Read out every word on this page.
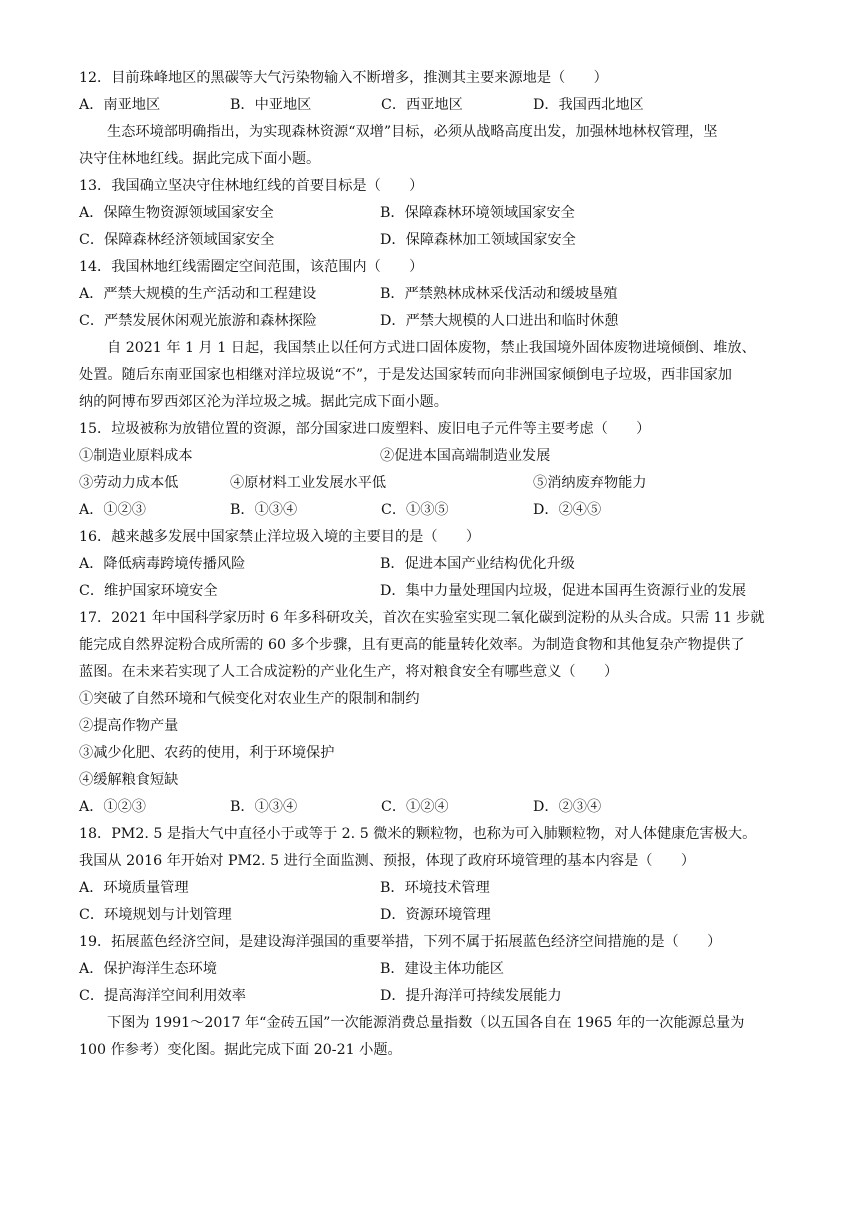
12．目前珠峰地区的黑碳等大气污染物输入不断增多，推测其主要来源地是（　　）
A．南亚地区	B．中亚地区	C．西亚地区	D．我国西北地区
生态环境部明确指出，为实现森林资源“双增”目标，必须从战略高度出发，加强林地林权管理，坚
决守住林地红线。据此完成下面小题。
13．我国确立坚决守住林地红线的首要目标是（　　）
A．保障生物资源领域国家安全	B．保障森林环境领域国家安全
C．保障森林经济领域国家安全	D．保障森林加工领域国家安全
14．我国林地红线需圈定空间范围，该范围内（　　）
A．严禁大规模的生产活动和工程建设	B．严禁熟林成林采伐活动和缓坡垦殖
C．严禁发展休闲观光旅游和森林探险	D．严禁大规模的人口进出和临时休憩
自 2021 年 1 月 1 日起，我国禁止以任何方式进口固体废物，禁止我国境外固体废物进境倾倒、堆放、
处置。随后东南亚国家也相继对洋垃圾说“不”，于是发达国家转而向非洲国家倾倒电子垃圾，西非国家加
纳的阿博布罗西郊区沦为洋垃圾之城。据此完成下面小题。
15．垃圾被称为放错位置的资源，部分国家进口废塑料、废旧电子元件等主要考虑（　　）
①制造业原料成本	②促进本国高端制造业发展
③劳动力成本低	④原材料工业发展水平低	⑤消纳废弃物能力
A．①②③	B．①③④	C．①③⑤	D．②④⑤
16．越来越多发展中国家禁止洋垃圾入境的主要目的是（　　）
A．降低病毒跨境传播风险	B．促进本国产业结构优化升级
C．维护国家环境安全	D．集中力量处理国内垃圾，促进本国再生资源行业的发展
17．2021 年中国科学家历时 6 年多科研攻关，首次在实验室实现二氧化碳到淀粉的从头合成。只需 11 步就
能完成自然界淀粉合成所需的 60 多个步骤，且有更高的能量转化效率。为制造食物和其他复杂产物提供了
蓝图。在未来若实现了人工合成淀粉的产业化生产，将对粮食安全有哪些意义（　　）
①突破了自然环境和气候变化对农业生产的限制和制约
②提高作物产量
③减少化肥、农药的使用，利于环境保护
④缓解粮食短缺
A．①②③	B．①③④	C．①②④	D．②③④
18．PM2. 5 是指大气中直径小于或等于 2. 5 微米的颗粒物，也称为可入肺颗粒物，对人体健康危害极大。
我国从 2016 年开始对 PM2. 5 进行全面监测、预报，体现了政府环境管理的基本内容是（　　）
A．环境质量管理	B．环境技术管理
C．环境规划与计划管理	D．资源环境管理
19．拓展蓝色经济空间，是建设海洋强国的重要举措，下列不属于拓展蓝色经济空间措施的是（　　）
A．保护海洋生态环境	B．建设主体功能区
C．提高海洋空间利用效率	D．提升海洋可持续发展能力
下图为 1991～2017 年“金砖五国”一次能源消费总量指数（以五国各自在 1965 年的一次能源总量为
100 作参考）变化图。据此完成下面 20-21 小题。
